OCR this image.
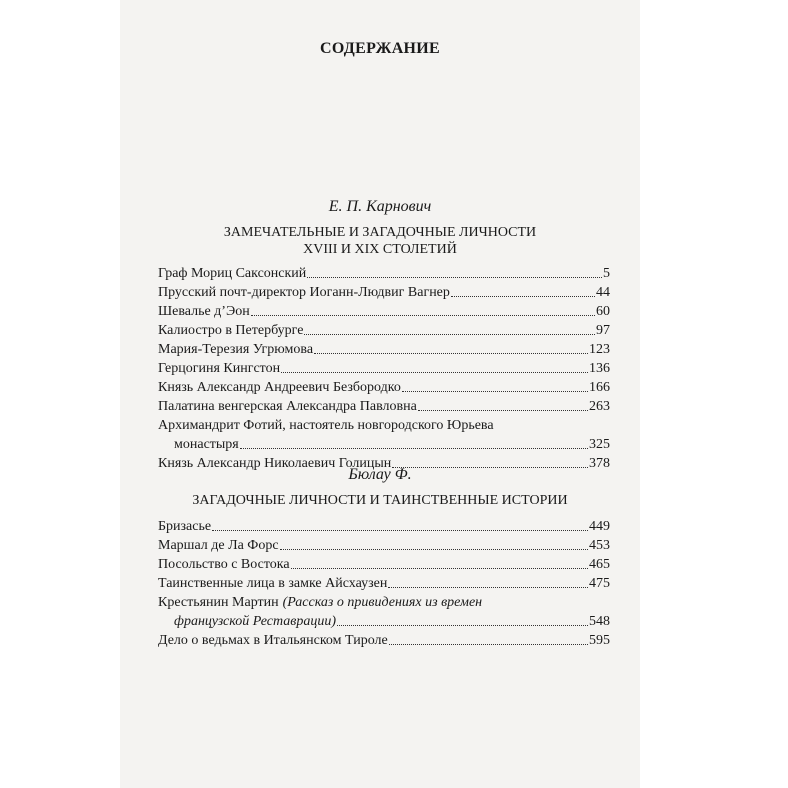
СОДЕРЖАНИЕ
Е. П. Карнович
ЗАМЕЧАТЕЛЬНЫЕ И ЗАГАДОЧНЫЕ ЛИЧНОСТИ
XVIII И XIX СТОЛЕТИЙ
Граф Мориц Саксонский	5
Прусский почт-директор Иоганн-Людвиг Вагнер	44
Шевалье д’Эон	60
Калиостро в Петербурге	97
Мария-Терезия Угрюмова	123
Герцогиня Кингстон	136
Князь Александр Андреевич Безбородко	166
Палатина венгерская Александра Павловна	263
Архимандрит Фотий, настоятель новгородского Юрьева
монастыря	325
Князь Александр Николаевич Голицын	378
Бюлау Ф.
ЗАГАДОЧНЫЕ ЛИЧНОСТИ И ТАИНСТВЕННЫЕ ИСТОРИИ
Бризасье	449
Маршал де Ла Форс	453
Посольство с Востока	465
Таинственные лица в замке Айсхаузен	475
Крестьянин Мартин (Рассказ о привидениях из времен
французской Реставрации)	548
Дело о ведьмах в Итальянском Тироле	595
